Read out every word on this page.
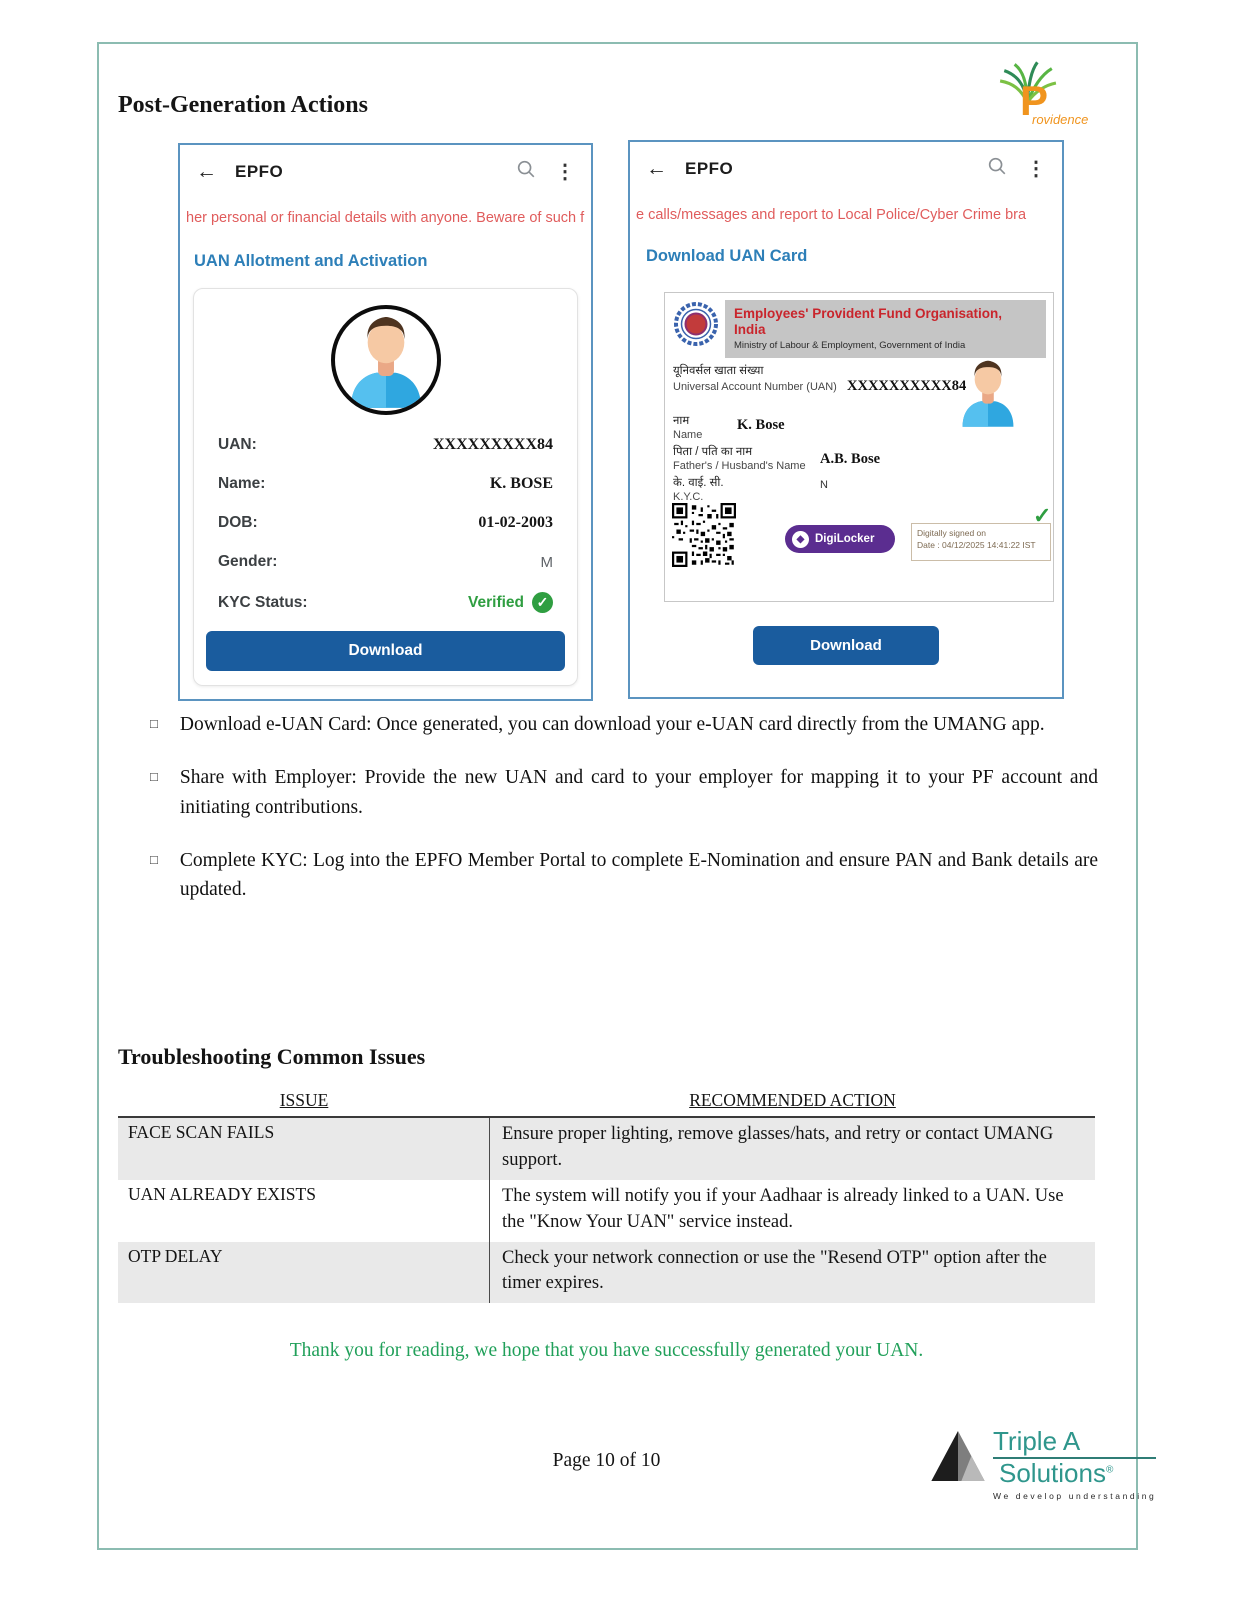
Post-Generation Actions	P
rovidence
← EPFO	⋮
her personal or financial details with anyone. Beware of such f
UAN Allotment and Activation
UAN:	XXXXXXXXX84
Name:	K. BOSE
DOB:	01-02-2003
Gender:	M
KYC Status:	Verified ✓
Download
← EPFO	⋮
e calls/messages and report to Local Police/Cyber Crime bra
Download UAN Card
Employees' Provident Fund Organisation, India
Ministry of Labour & Employment, Government of India
यूनिवर्सल खाता संख्या
Universal Account Number (UAN) XXXXXXXXXX84
नाम
Name
K. Bose
पिता / पति का नाम
Father's / Husband's Name A.B. Bose
के. वाई. सी.
K.Y.C.
N
◆ DigiLocker	Digitally signed on
Date : 04/12/2025 14:41:22 IST
✓
Download
□ Download e-UAN Card: Once generated, you can download your e-UAN card directly from the UMANG app.
□ Share with Employer: Provide the new UAN and card to your employer for mapping it to your PF account and initiating contributions.
□ Complete KYC: Log into the EPFO Member Portal to complete E-Nomination and ensure PAN and Bank details are updated.
Troubleshooting Common Issues
ISSUE	RECOMMENDED ACTION
FACE SCAN FAILS	Ensure proper lighting, remove glasses/hats, and retry or contact UMANG support.
UAN ALREADY EXISTS	The system will notify you if your Aadhaar is already linked to a UAN. Use the "Know Your UAN" service instead.
OTP DELAY	Check your network connection or use the "Resend OTP" option after the timer expires.
Thank you for reading, we hope that you have successfully generated your UAN.
Page 10 of 10
Triple A
Solutions®
We develop understanding
